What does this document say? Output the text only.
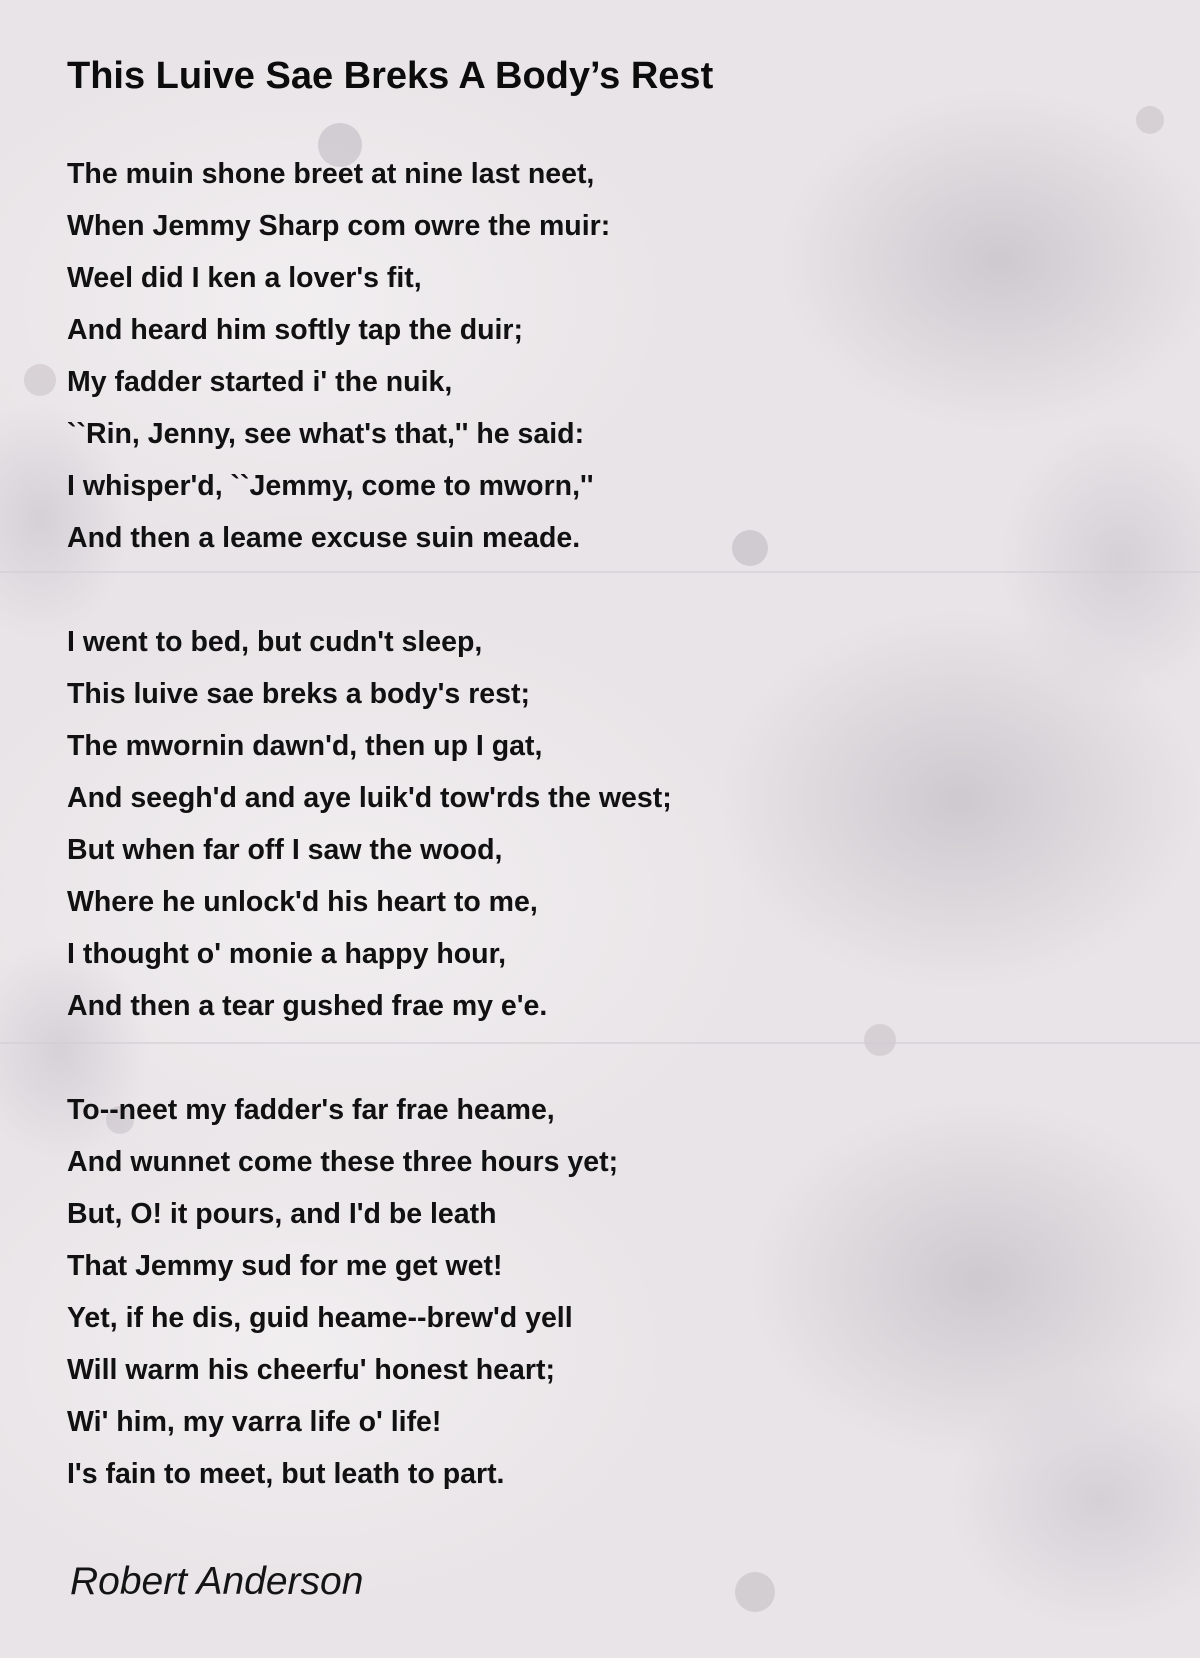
This Luive Sae Breks A Body’s Rest
The muin shone breet at nine last neet,
When Jemmy Sharp com owre the muir:
Weel did I ken a lover's fit,
And heard him softly tap the duir;
My fadder started i' the nuik,
``Rin, Jenny, see what's that,'' he said:
I whisper'd, ``Jemmy, come to mworn,''
And then a leame excuse suin meade.
I went to bed, but cudn't sleep,
This luive sae breks a body's rest;
The mwornin dawn'd, then up I gat,
And seegh'd and aye luik'd tow'rds the west;
But when far off I saw the wood,
Where he unlock'd his heart to me,
I thought o' monie a happy hour,
And then a tear gushed frae my e'e.
To--neet my fadder's far frae heame,
And wunnet come these three hours yet;
But, O! it pours, and I'd be leath
That Jemmy sud for me get wet!
Yet, if he dis, guid heame--brew'd yell
Will warm his cheerfu' honest heart;
Wi' him, my varra life o' life!
I's fain to meet, but leath to part.
Robert Anderson
